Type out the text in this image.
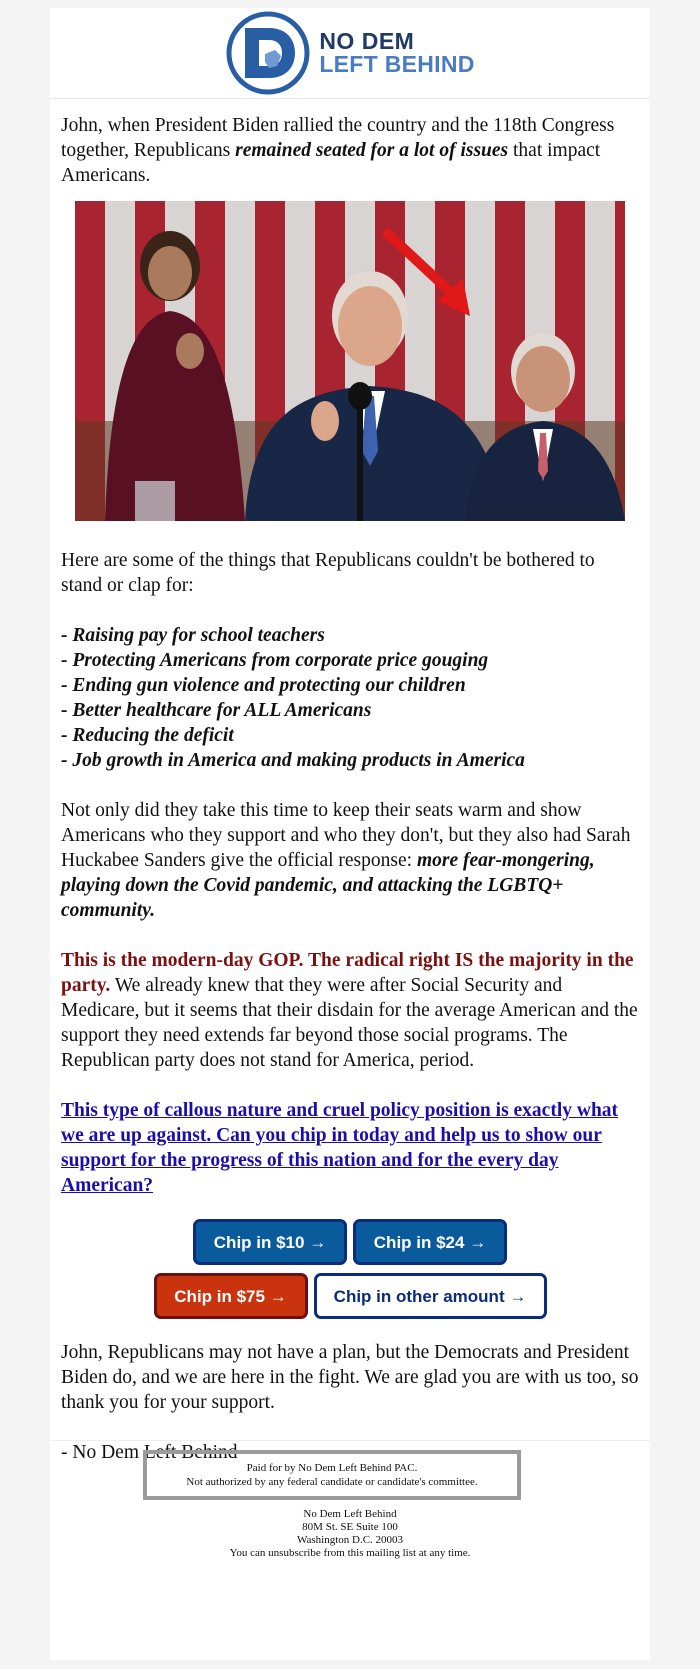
NO DEM
LEFT BEHIND

John, when President Biden rallied the country and the 118th Congress together, Republicans remained seated for a lot of issues that impact Americans.

Here are some of the things that Republicans couldn't be bothered to stand or clap for:

- Raising pay for school teachers
- Protecting Americans from corporate price gouging
- Ending gun violence and protecting our children
- Better healthcare for ALL Americans
- Reducing the deficit
- Job growth in America and making products in America

Not only did they take this time to keep their seats warm and show Americans who they support and who they don't, but they also had Sarah Huckabee Sanders give the official response: more fear-mongering, playing down the Covid pandemic, and attacking the LGBTQ+ community.

This is the modern-day GOP. The radical right IS the majority in the party. We already knew that they were after Social Security and Medicare, but it seems that their disdain for the average American and the support they need extends far beyond those social programs. The Republican party does not stand for America, period.

This type of callous nature and cruel policy position is exactly what we are up against. Can you chip in today and help us to show our support for the progress of this nation and for the every day American?

Chip in $10 →	Chip in $24 →
Chip in $75 →	Chip in other amount →

John, Republicans may not have a plan, but the Democrats and President Biden do, and we are here in the fight. We are glad you are with us too, so thank you for your support.

- No Dem Left Behind

Paid for by No Dem Left Behind PAC.
Not authorized by any federal candidate or candidate's committee.
No Dem Left Behind
80M St. SE Suite 100
Washington D.C. 20003
You can unsubscribe from this mailing list at any time.
